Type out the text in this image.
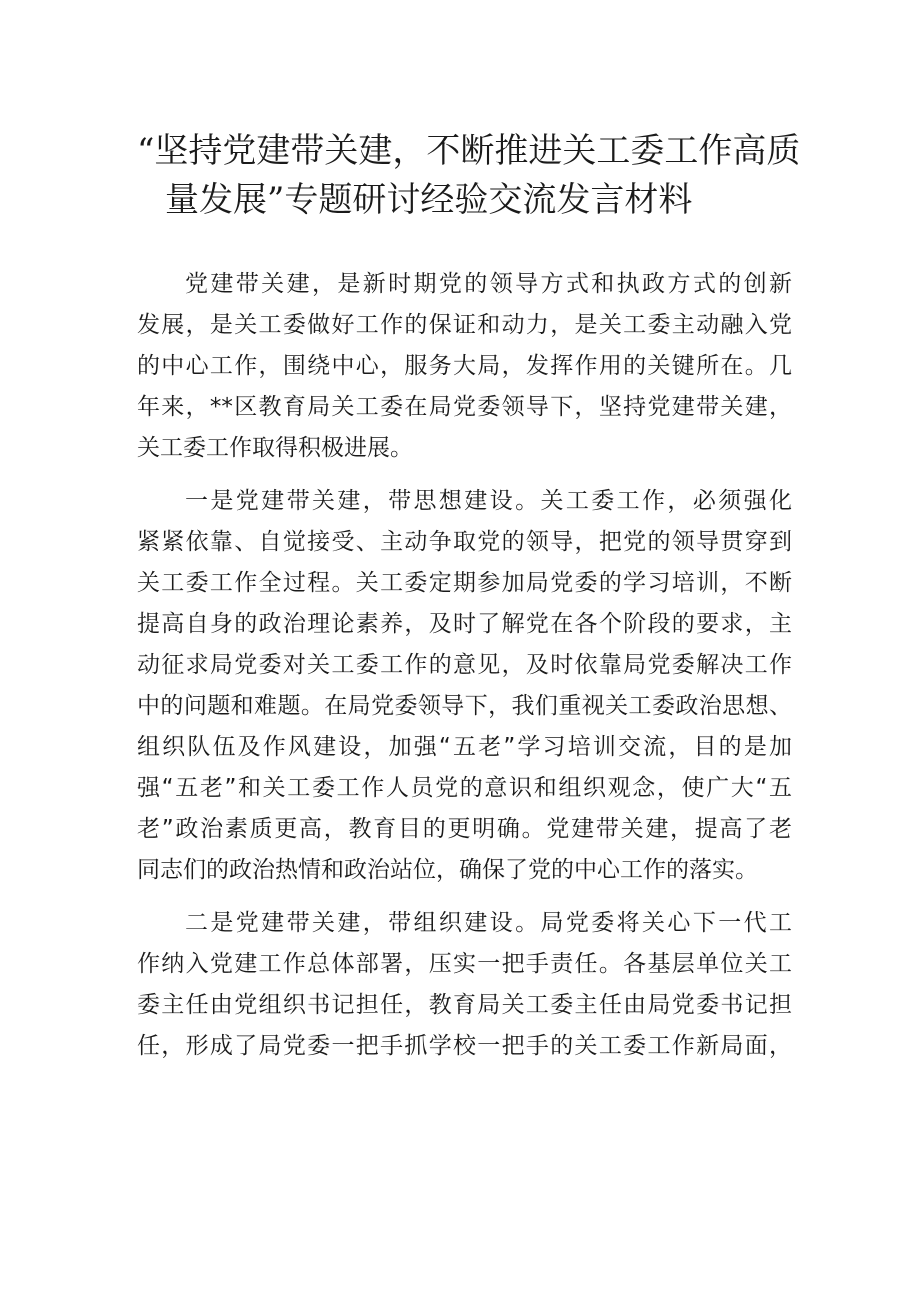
“坚持党建带关建，不断推进关工委工作高质
量发展”专题研讨经验交流发言材料

党建带关建，是新时期党的领导方式和执政方式的创新
发展，是关工委做好工作的保证和动力，是关工委主动融入党
的中心工作，围绕中心，服务大局，发挥作用的关键所在。几
年来，**区教育局关工委在局党委领导下，坚持党建带关建，
关工委工作取得积极进展。

一是党建带关建，带思想建设。关工委工作，必须强化
紧紧依靠、自觉接受、主动争取党的领导，把党的领导贯穿到
关工委工作全过程。关工委定期参加局党委的学习培训，不断
提高自身的政治理论素养，及时了解党在各个阶段的要求，主
动征求局党委对关工委工作的意见，及时依靠局党委解决工作
中的问题和难题。在局党委领导下，我们重视关工委政治思想、
组织队伍及作风建设，加强“五老”学习培训交流，目的是加
强“五老”和关工委工作人员党的意识和组织观念，使广大“五
老”政治素质更高，教育目的更明确。党建带关建，提高了老
同志们的政治热情和政治站位，确保了党的中心工作的落实。

二是党建带关建，带组织建设。局党委将关心下一代工
作纳入党建工作总体部署，压实一把手责任。各基层单位关工
委主任由党组织书记担任，教育局关工委主任由局党委书记担
任，形成了局党委一把手抓学校一把手的关工委工作新局面，
